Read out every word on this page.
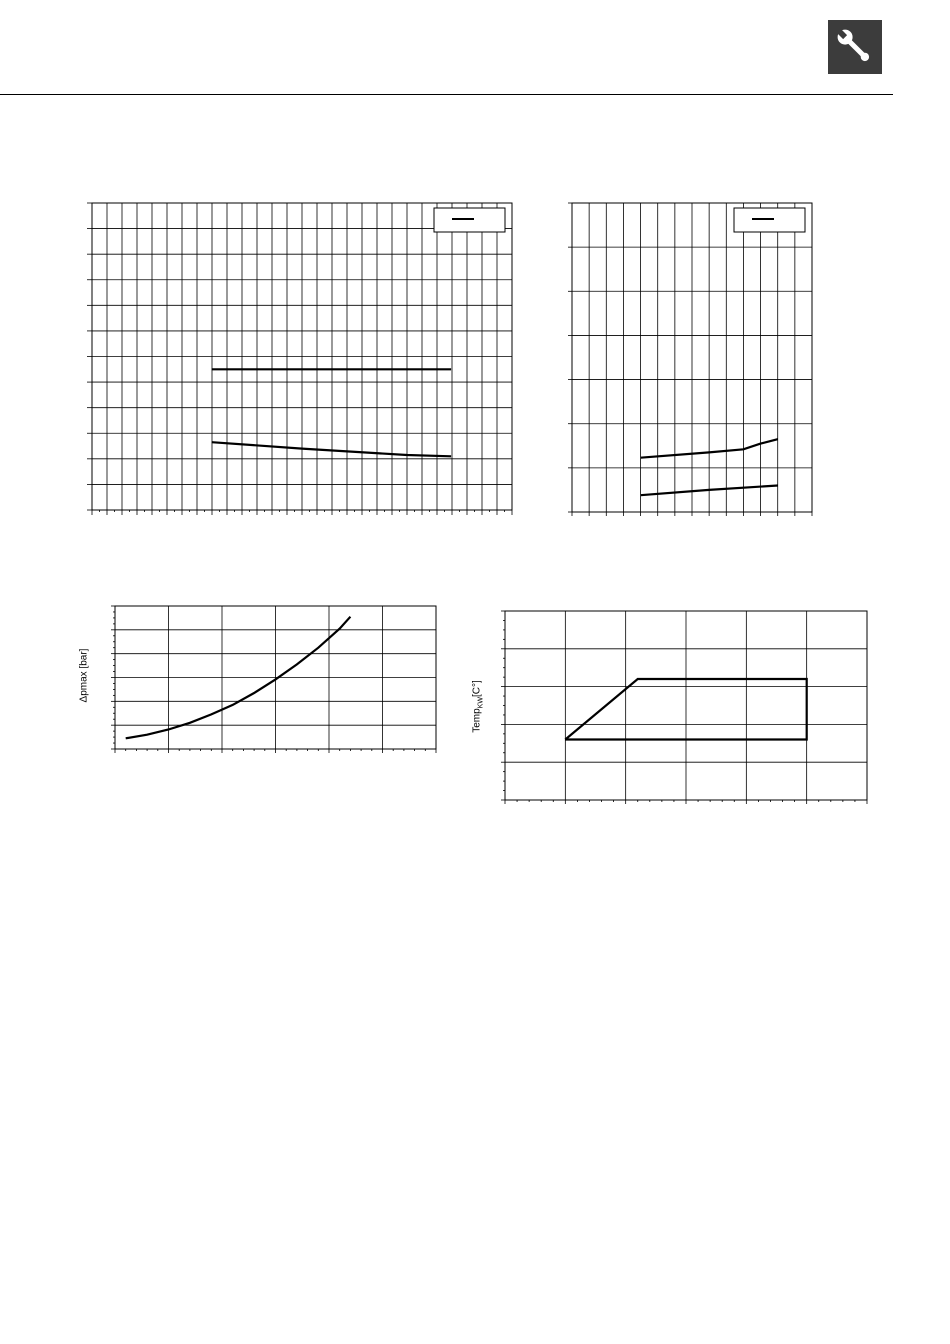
Δpmax [bar]
Temp$_{KW}$[C°]
